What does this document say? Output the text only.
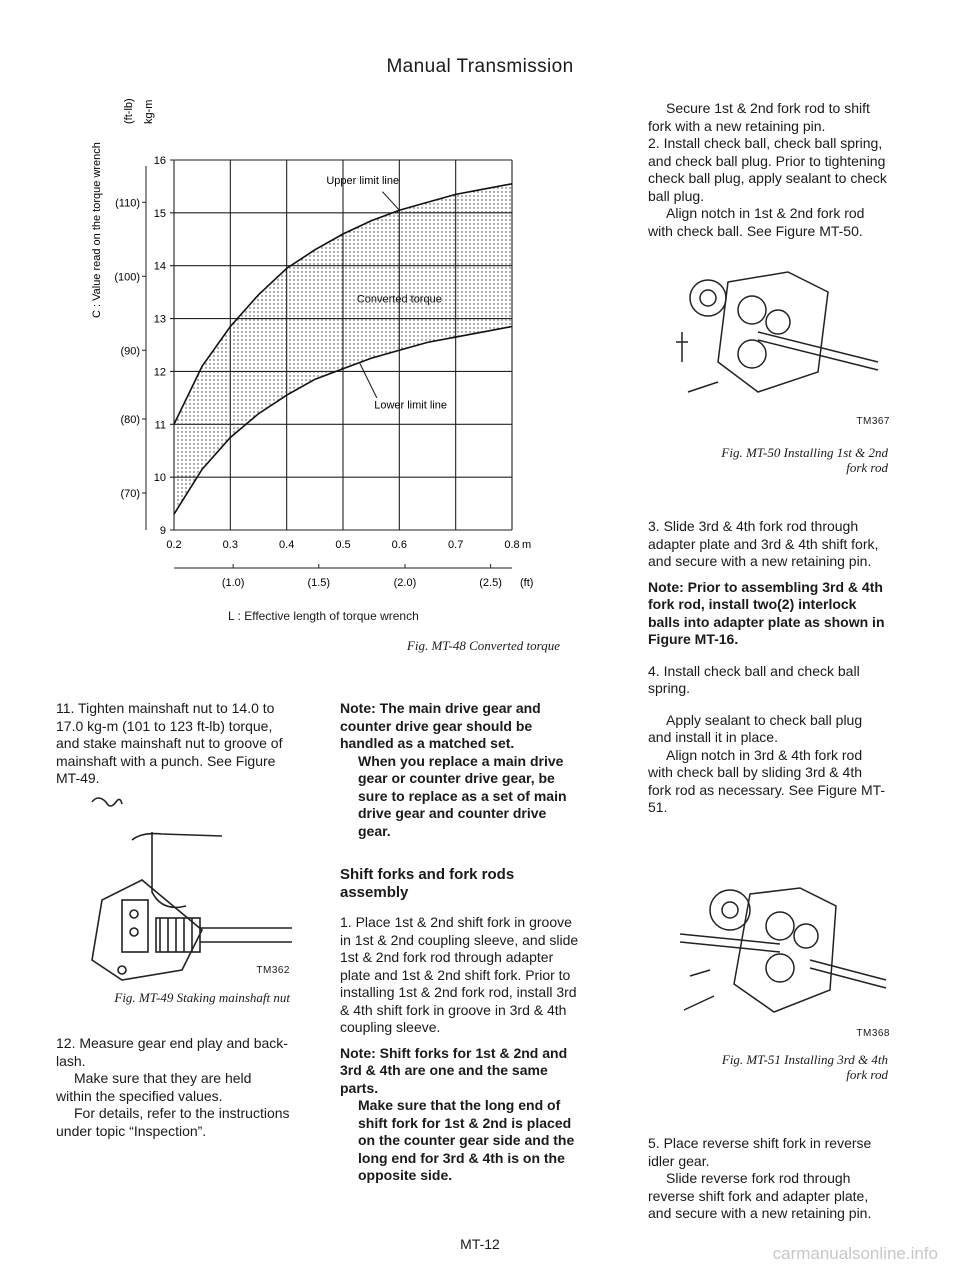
Manual Transmission
C : Value read on the torque wrench
(ft-lb) kg-m
0.2	0.3	0.4	0.5	0.6	0.7	0.8
9
10
11
12
13
14
15
16
(110)
(100)
(90)
(80)
(70)
(1.0)	(1.5)	(2.0)	(2.5)
m
(ft)
Upper limit line
Converted torque
Lower limit line
L : Effective length of torque wrench
Fig. MT-48 Converted torque

11. Tighten mainshaft nut to 14.0 to 17.0 kg-m (101 to 123 ft-lb) torque, and stake mainshaft nut to groove of mainshaft with a punch. See Figure MT-49.

TM362
Fig. MT-49 Staking mainshaft nut

12. Measure gear end play and back-lash.

Make sure that they are held within the specified values.

For details, refer to the instructions under topic “Inspection”.

Note: The main drive gear and counter drive gear should be handled as a matched set.

When you replace a main drive gear or counter drive gear, be sure to replace as a set of main drive gear and counter drive gear.

Shift forks and fork rods assembly

1. Place 1st & 2nd shift fork in groove in 1st & 2nd coupling sleeve, and slide 1st & 2nd fork rod through adapter plate and 1st & 2nd shift fork. Prior to installing 1st & 2nd fork rod, install 3rd & 4th shift fork in groove in 3rd & 4th coupling sleeve.

Note: Shift forks for 1st & 2nd and 3rd & 4th are one and the same parts.

Make sure that the long end of shift fork for 1st & 2nd is placed on the counter gear side and the long end for 3rd & 4th is on the opposite side.

Secure 1st & 2nd fork rod to shift fork with a new retaining pin.

2. Install check ball, check ball spring, and check ball plug. Prior to tightening check ball plug, apply sealant to check ball plug.

Align notch in 1st & 2nd fork rod with check ball. See Figure MT-50.

TM367
Fig. MT-50 Installing 1st & 2nd fork rod

3. Slide 3rd & 4th fork rod through adapter plate and 3rd & 4th shift fork, and secure with a new retaining pin.

Note: Prior to assembling 3rd & 4th fork rod, install two(2) interlock balls into adapter plate as shown in Figure MT-16.

4. Install check ball and check ball spring.

Apply sealant to check ball plug and install it in place.

Align notch in 3rd & 4th fork rod with check ball by sliding 3rd & 4th fork rod as necessary. See Figure MT-51.

TM368
Fig. MT-51 Installing 3rd & 4th fork rod

5. Place reverse shift fork in reverse idler gear.

Slide reverse fork rod through reverse shift fork and adapter plate, and secure with a new retaining pin.

MT-12	carmanualsonline.info
